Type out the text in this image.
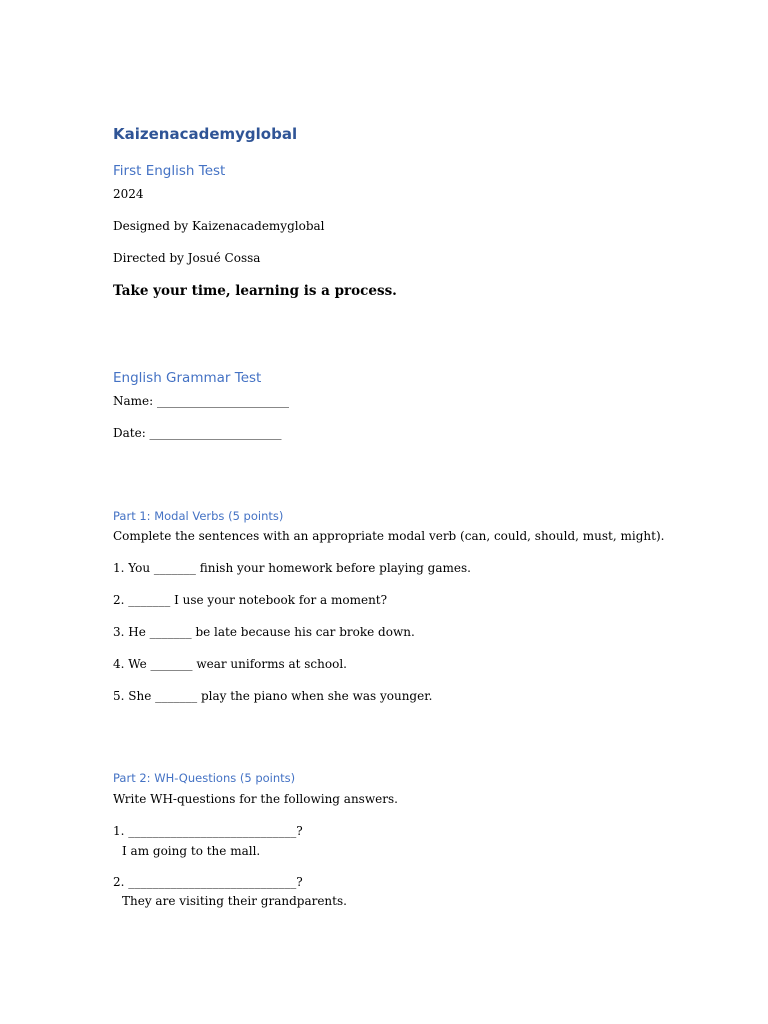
Kaizenacademyglobal
First English Test

2024

Designed by Kaizenacademyglobal

Directed by Josué Cossa

Take your time, learning is a process.

English Grammar Test

Name: ______________________

Date: ______________________

Part 1: Modal Verbs (5 points)

Complete the sentences with an appropriate modal verb (can, could, should, must, might).

1. You _______ finish your homework before playing games.

2. _______ I use your notebook for a moment?

3. He _______ be late because his car broke down.

4. We _______ wear uniforms at school.

5. She _______ play the piano when she was younger.

Part 2: WH-Questions (5 points)

Write WH-questions for the following answers.

1. ____________________________?

I am going to the mall.

2. ____________________________?

They are visiting their grandparents.
